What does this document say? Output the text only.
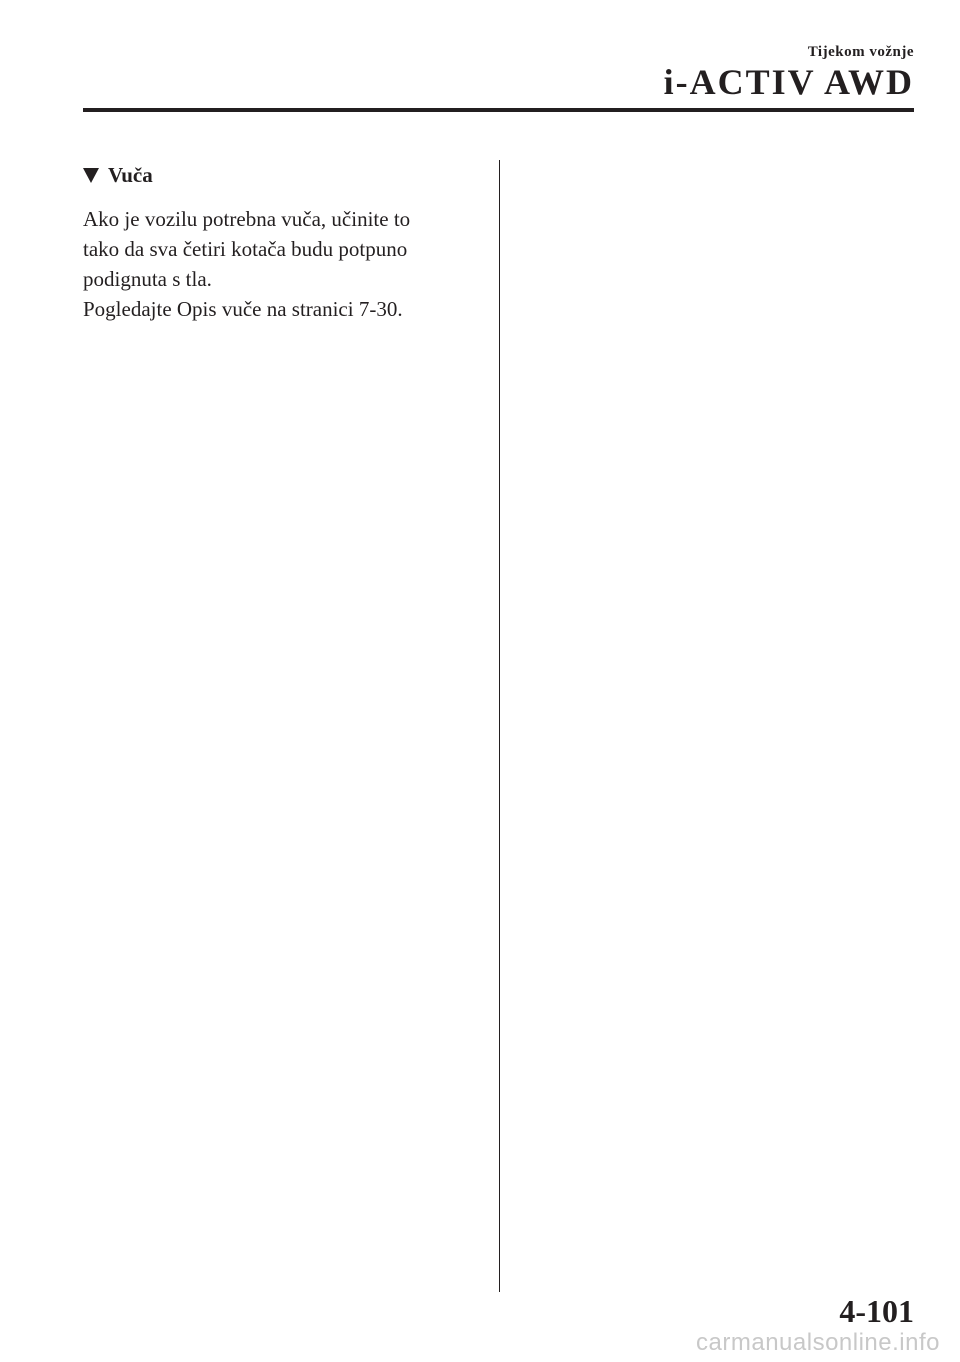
Tijekom vožnje
i-ACTIV AWD
Vuča

Ako je vozilu potrebna vuča, učinite to

tako da sva četiri kotača budu potpuno

podignuta s tla.

Pogledajte Opis vuče na stranici 7-30.

4-101
carmanualsonline.info
